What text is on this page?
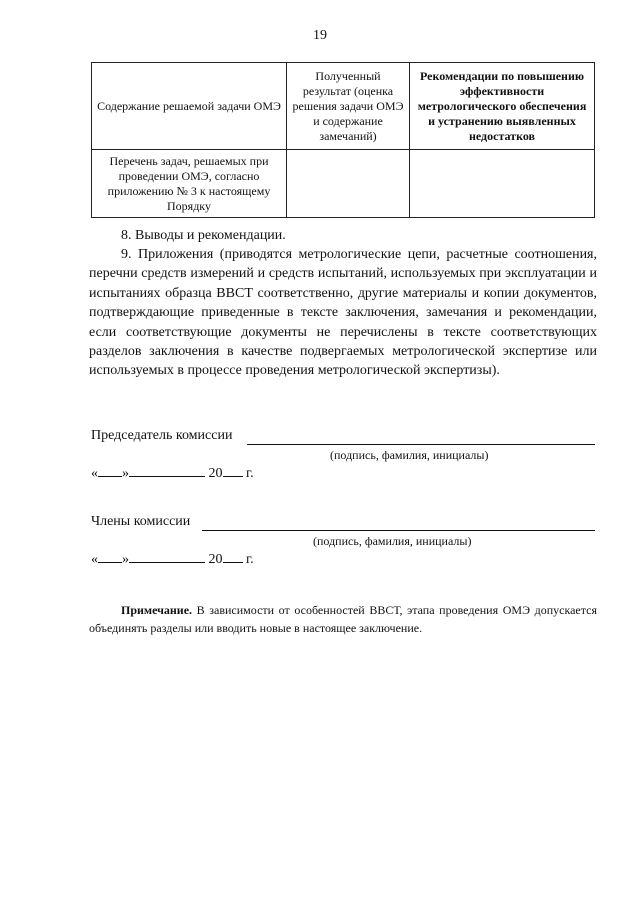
19
Содержание решаемой задачи ОМЭ	Полученный результат (оценка решения задачи ОМЭ и содержание замечаний)	Рекомендации по повышению эффективности метрологического обеспечения и устранению выявленных недостатков
Перечень задач, решаемых при проведении ОМЭ, согласно приложению № 3 к настоящему Порядку		
8. Выводы и рекомендации.
9. Приложения (приводятся метрологические цепи, расчетные соотношения, перечни средств измерений и средств испытаний, используемых при эксплуатации и испытаниях образца ВВСТ соответственно, другие материалы и копии документов, подтверждающие приведенные в тексте заключения, замечания и рекомендации, если соответствующие документы не перечислены в тексте соответствующих разделов заключения в качестве подвергаемых метрологической экспертизе или используемых в процессе проведения метрологической экспертизы).
Председатель комиссии
(подпись, фамилия, инициалы)
« »	20 г.
Члены комиссии
(подпись, фамилия, инициалы)
« »	20 г.
Примечание. В зависимости от особенностей ВВСТ, этапа проведения ОМЭ допускается объединять разделы или вводить новые в настоящее заключение.
